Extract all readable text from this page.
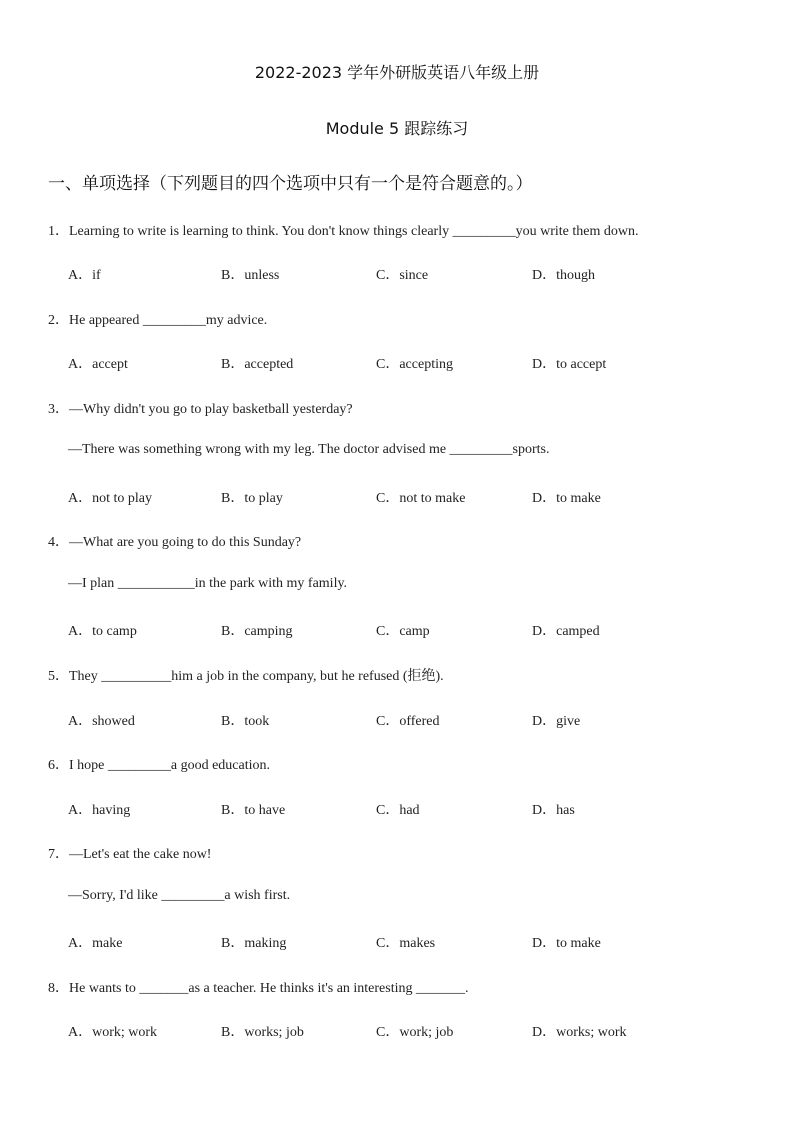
2022-2023 学年外研版英语八年级上册
Module 5 跟踪练习
一、单项选择（下列题目的四个选项中只有一个是符合题意的。）
1．Learning to write is learning to think. You don't know things clearly _________you write them down.
A．if	B．unless	C．since	D．though
2．He appeared _________my advice.
A．accept	B．accepted	C．accepting	D．to accept
3．—Why didn't you go to play basketball yesterday?
—There was something wrong with my leg. The doctor advised me _________sports.
A．not to play	B．to play	C．not to make	D．to make
4．—What are you going to do this Sunday?
—I plan ___________in the park with my family.
A．to camp	B．camping	C．camp	D．camped
5．They __________him a job in the company, but he refused (拒绝).
A．showed	B．took	C．offered	D．give
6．I hope _________a good education.
A．having	B．to have	C．had	D．has
7．—Let's eat the cake now!
—Sorry, I'd like _________a wish first.
A．make	B．making	C．makes	D．to make
8．He wants to _______as a teacher. He thinks it's an interesting _______.
A．work; work	B．works; job	C．work; job	D．works; work
